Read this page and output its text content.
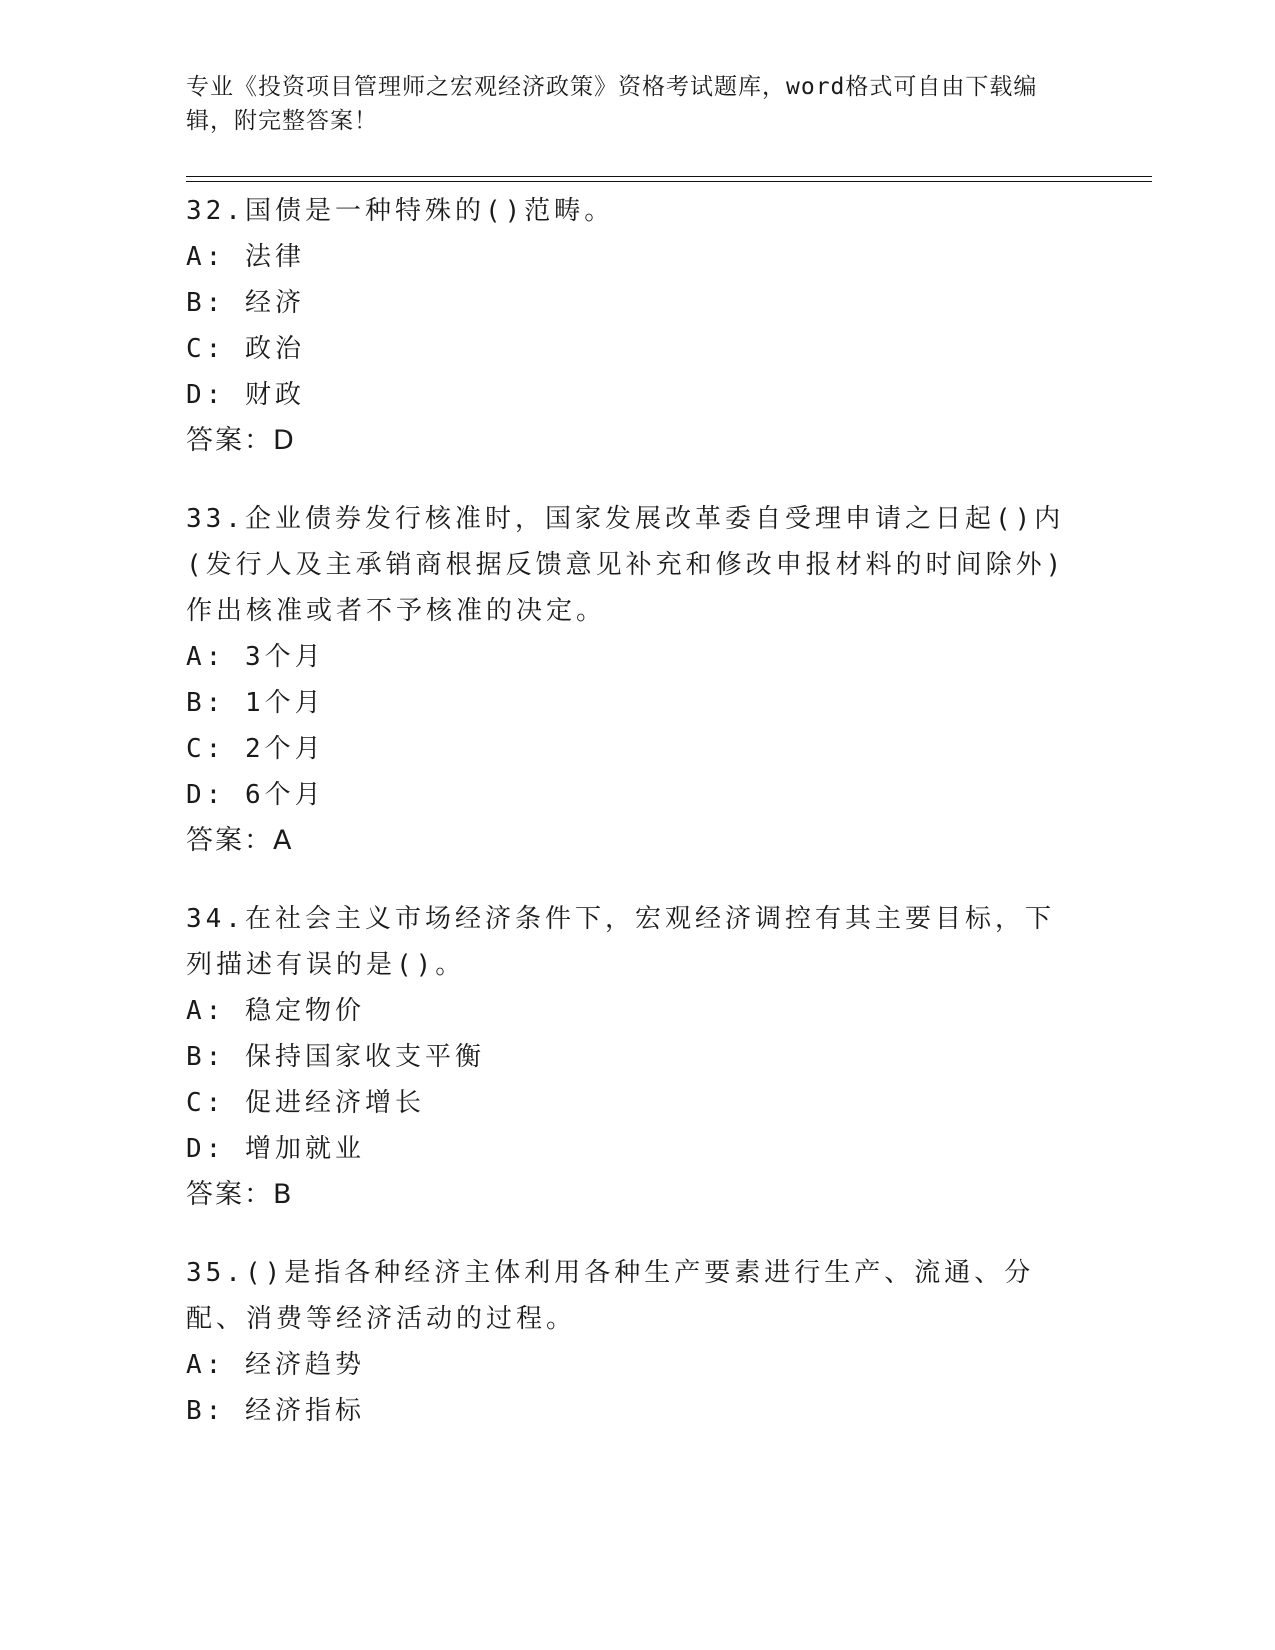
专业《投资项目管理师之宏观经济政策》资格考试题库，word格式可自由下载编辑，附完整答案！

32.国债是一种特殊的()范畴。

A: 法律
B: 经济
C: 政治
D: 财政
答案：D

33.企业债券发行核准时，国家发展改革委自受理申请之日起()内(发行人及主承销商根据反馈意见补充和修改申报材料的时间除外)作出核准或者不予核准的决定。

A: 3个月
B: 1个月
C: 2个月
D: 6个月
答案：A

34.在社会主义市场经济条件下，宏观经济调控有其主要目标，下列描述有误的是()。

A: 稳定物价
B: 保持国家收支平衡
C: 促进经济增长
D: 增加就业
答案：B

35.()是指各种经济主体利用各种生产要素进行生产、流通、分配、消费等经济活动的过程。

A: 经济趋势
B: 经济指标
